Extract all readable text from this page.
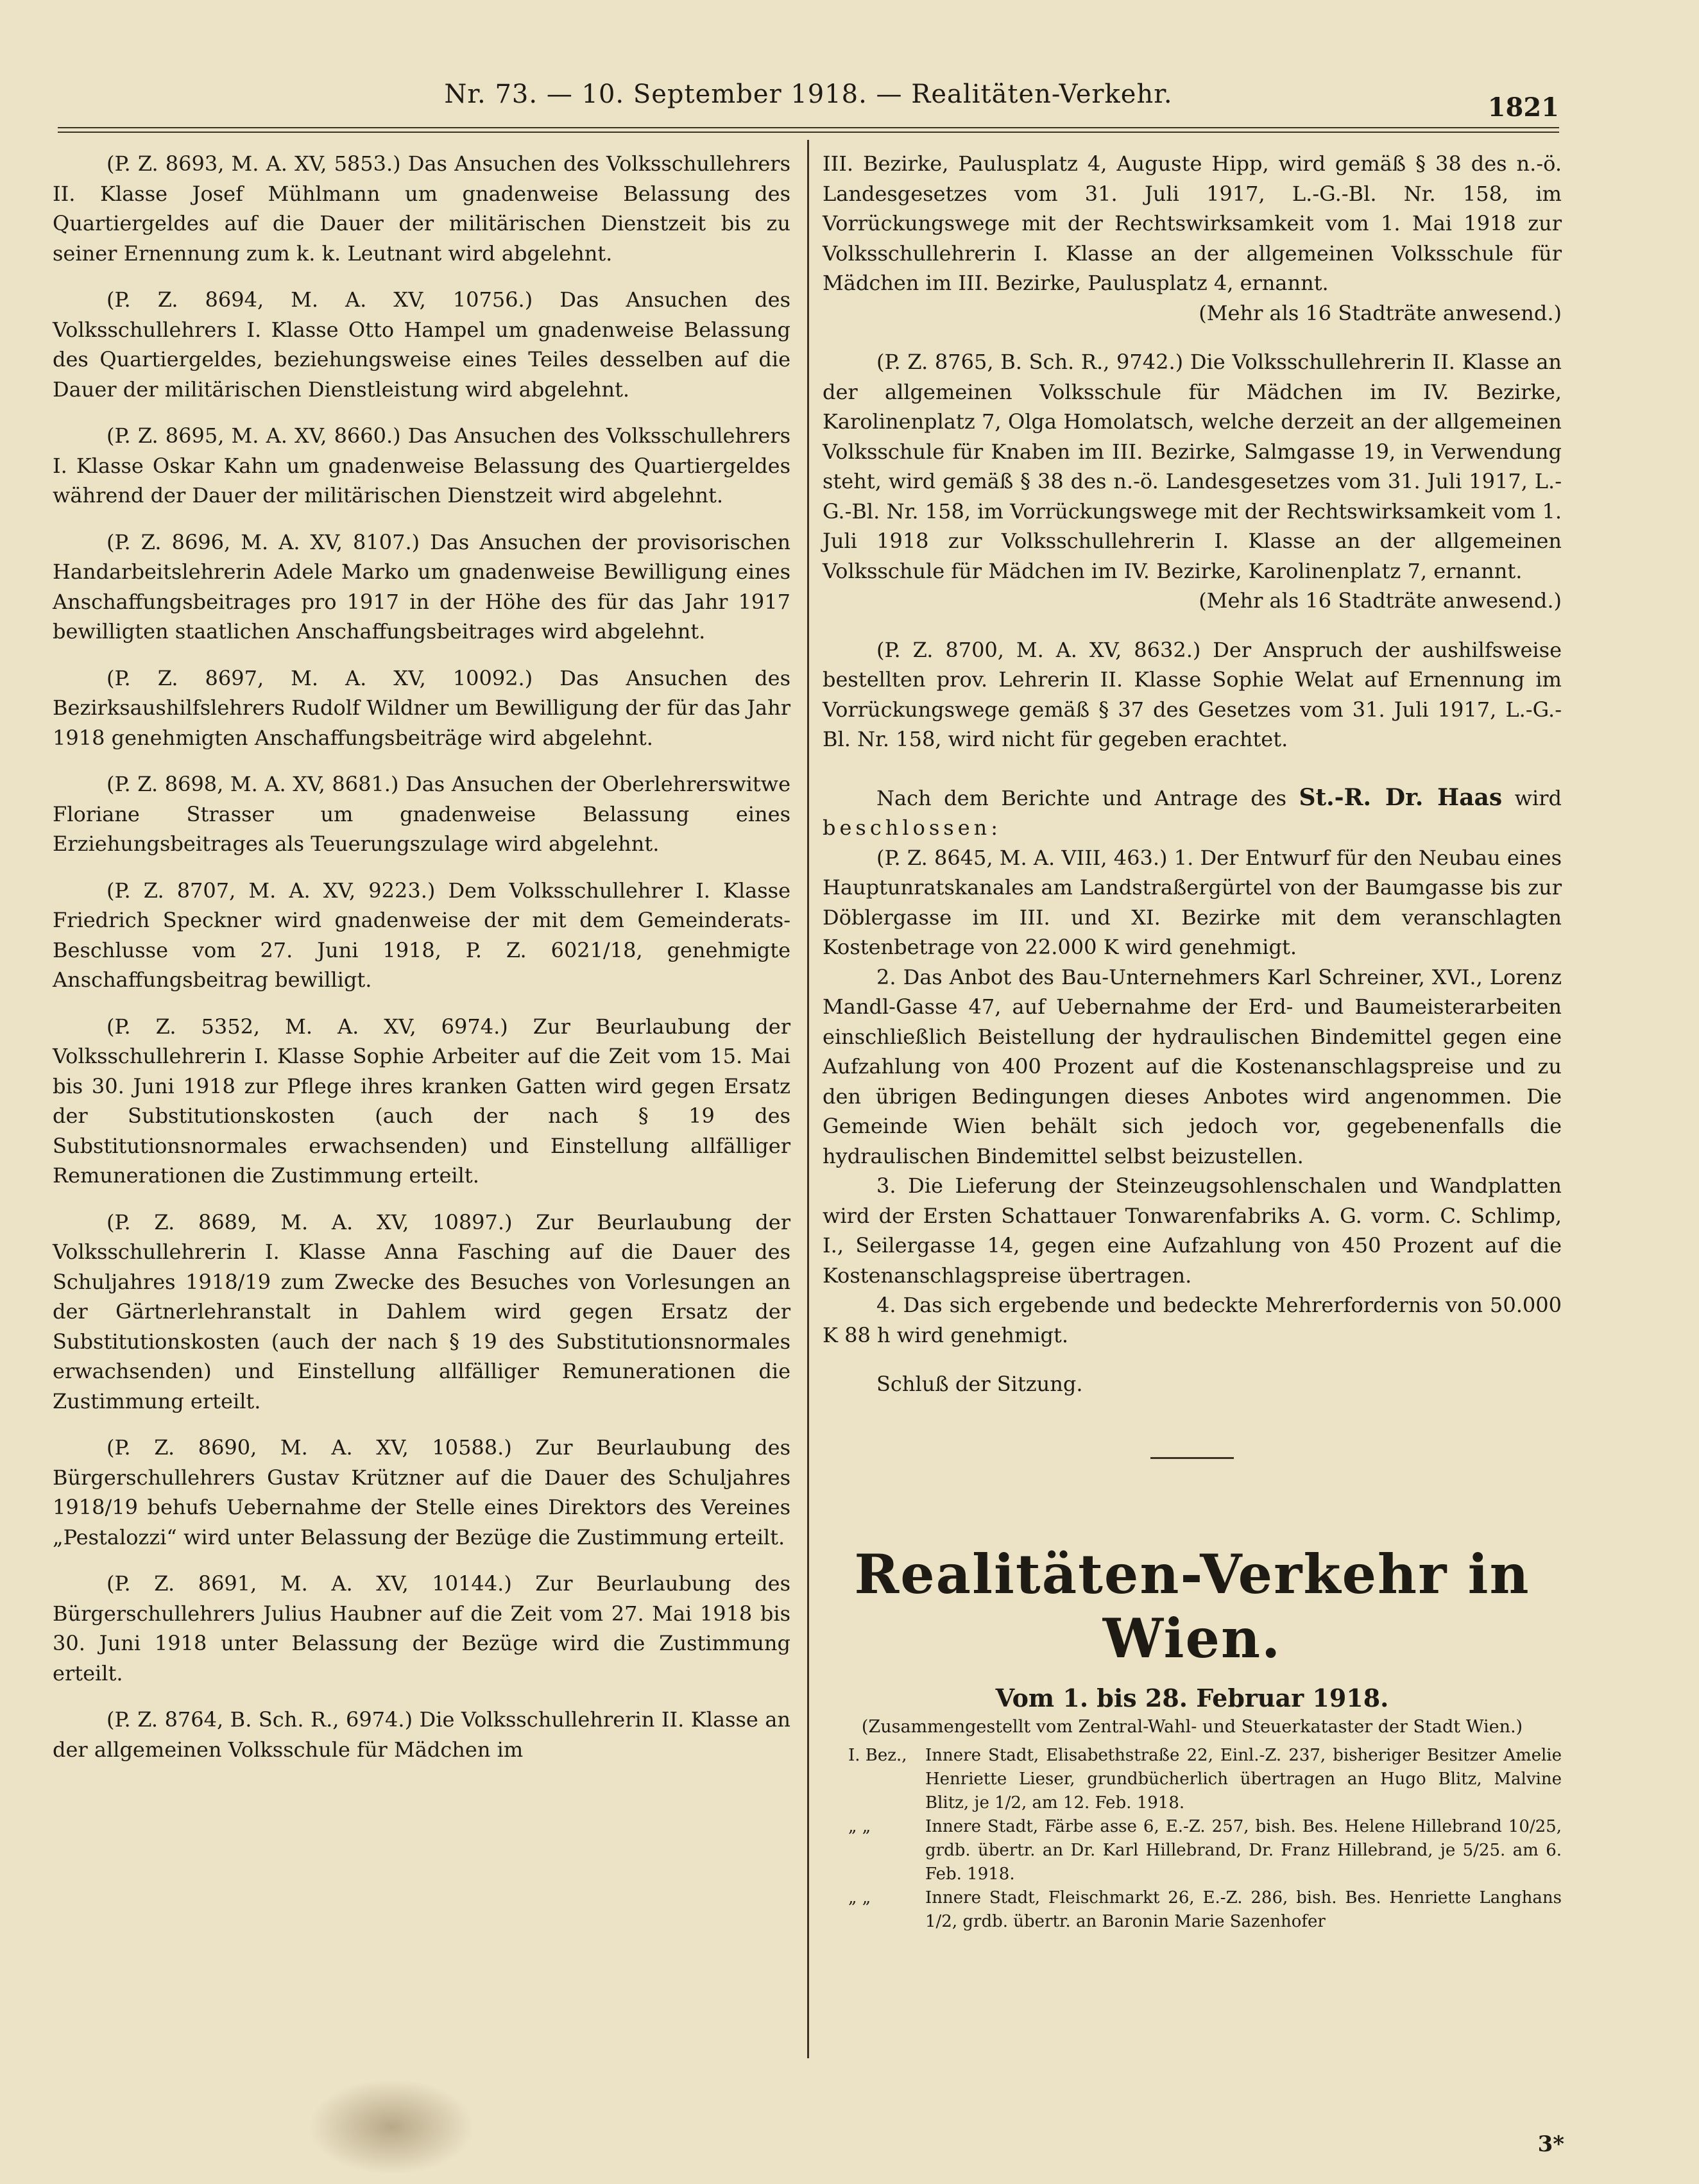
Nr. 73. — 10. September 1918. — Realitäten-Verkehr.	1821

(P. Z. 8693, M. A. XV, 5853.) Das Ansuchen des Volksschullehrers II. Klasse Josef Mühlmann um gnadenweise Belassung des Quartiergeldes auf die Dauer der militärischen Dienstzeit bis zu seiner Ernennung zum k. k. Leutnant wird abgelehnt.

(P. Z. 8694, M. A. XV, 10756.) Das Ansuchen des Volksschullehrers I. Klasse Otto Hampel um gnadenweise Belassung des Quartiergeldes, beziehungsweise eines Teiles desselben auf die Dauer der militärischen Dienstleistung wird abgelehnt.

(P. Z. 8695, M. A. XV, 8660.) Das Ansuchen des Volksschullehrers I. Klasse Oskar Kahn um gnadenweise Belassung des Quartiergeldes während der Dauer der militärischen Dienstzeit wird abgelehnt.

(P. Z. 8696, M. A. XV, 8107.) Das Ansuchen der provisorischen Handarbeitslehrerin Adele Marko um gnadenweise Bewilligung eines Anschaffungsbeitrages pro 1917 in der Höhe des für das Jahr 1917 bewilligten staatlichen Anschaffungsbeitrages wird abgelehnt.

(P. Z. 8697, M. A. XV, 10092.) Das Ansuchen des Bezirksaushilfslehrers Rudolf Wildner um Bewilligung der für das Jahr 1918 genehmigten Anschaffungsbeiträge wird abgelehnt.

(P. Z. 8698, M. A. XV, 8681.) Das Ansuchen der Oberlehrerswitwe Floriane Strasser um gnadenweise Belassung eines Erziehungsbeitrages als Teuerungszulage wird abgelehnt.

(P. Z. 8707, M. A. XV, 9223.) Dem Volksschullehrer I. Klasse Friedrich Speckner wird gnadenweise der mit dem Gemeinderats-Beschlusse vom 27. Juni 1918, P. Z. 6021/18, genehmigte Anschaffungsbeitrag bewilligt.

(P. Z. 5352, M. A. XV, 6974.) Zur Beurlaubung der Volksschullehrerin I. Klasse Sophie Arbeiter auf die Zeit vom 15. Mai bis 30. Juni 1918 zur Pflege ihres kranken Gatten wird gegen Ersatz der Substitutionskosten (auch der nach § 19 des Substitutionsnormales erwachsenden) und Einstellung allfälliger Remunerationen die Zustimmung erteilt.

(P. Z. 8689, M. A. XV, 10897.) Zur Beurlaubung der Volksschullehrerin I. Klasse Anna Fasching auf die Dauer des Schuljahres 1918/19 zum Zwecke des Besuches von Vorlesungen an der Gärtnerlehranstalt in Dahlem wird gegen Ersatz der Substitutionskosten (auch der nach § 19 des Substitutionsnormales erwachsenden) und Einstellung allfälliger Remunerationen die Zustimmung erteilt.

(P. Z. 8690, M. A. XV, 10588.) Zur Beurlaubung des Bürgerschullehrers Gustav Krützner auf die Dauer des Schuljahres 1918/19 behufs Uebernahme der Stelle eines Direktors des Vereines „Pestalozzi“ wird unter Belassung der Bezüge die Zustimmung erteilt.

(P. Z. 8691, M. A. XV, 10144.) Zur Beurlaubung des Bürgerschullehrers Julius Haubner auf die Zeit vom 27. Mai 1918 bis 30. Juni 1918 unter Belassung der Bezüge wird die Zustimmung erteilt.

(P. Z. 8764, B. Sch. R., 6974.) Die Volksschullehrerin II. Klasse an der allgemeinen Volksschule für Mädchen im

III. Bezirke, Paulusplatz 4, Auguste Hipp, wird gemäß § 38 des n.-ö. Landesgesetzes vom 31. Juli 1917, L.-G.-Bl. Nr. 158, im Vorrückungswege mit der Rechtswirksamkeit vom 1. Mai 1918 zur Volksschullehrerin I. Klasse an der allgemeinen Volksschule für Mädchen im III. Bezirke, Paulusplatz 4, ernannt.

(Mehr als 16 Stadträte anwesend.)

(P. Z. 8765, B. Sch. R., 9742.) Die Volksschullehrerin II. Klasse an der allgemeinen Volksschule für Mädchen im IV. Bezirke, Karolinenplatz 7, Olga Homolatsch, welche derzeit an der allgemeinen Volksschule für Knaben im III. Bezirke, Salmgasse 19, in Verwendung steht, wird gemäß § 38 des n.-ö. Landesgesetzes vom 31. Juli 1917, L.-G.-Bl. Nr. 158, im Vorrückungswege mit der Rechtswirksamkeit vom 1. Juli 1918 zur Volksschullehrerin I. Klasse an der allgemeinen Volksschule für Mädchen im IV. Bezirke, Karolinenplatz 7, ernannt.

(Mehr als 16 Stadträte anwesend.)

(P. Z. 8700, M. A. XV, 8632.) Der Anspruch der aushilfsweise bestellten prov. Lehrerin II. Klasse Sophie Welat auf Ernennung im Vorrückungswege gemäß § 37 des Gesetzes vom 31. Juli 1917, L.-G.-Bl. Nr. 158, wird nicht für gegeben erachtet.

Nach dem Berichte und Antrage des St.-R. Dr. Haas wird beschlossen:

(P. Z. 8645, M. A. VIII, 463.) 1. Der Entwurf für den Neubau eines Hauptunratskanales am Landstraßergürtel von der Baumgasse bis zur Döblergasse im III. und XI. Bezirke mit dem veranschlagten Kostenbetrage von 22.000 K wird genehmigt.

2. Das Anbot des Bau-Unternehmers Karl Schreiner, XVI., Lorenz Mandl-Gasse 47, auf Uebernahme der Erd- und Baumeisterarbeiten einschließlich Beistellung der hydraulischen Bindemittel gegen eine Aufzahlung von 400 Prozent auf die Kostenanschlagspreise und zu den übrigen Bedingungen dieses Anbotes wird angenommen. Die Gemeinde Wien behält sich jedoch vor, gegebenenfalls die hydraulischen Bindemittel selbst beizustellen.

3. Die Lieferung der Steinzeugsohlenschalen und Wandplatten wird der Ersten Schattauer Tonwarenfabriks A. G. vorm. C. Schlimp, I., Seilergasse 14, gegen eine Aufzahlung von 450 Prozent auf die Kostenanschlagspreise übertragen.

4. Das sich ergebende und bedeckte Mehrerfordernis von 50.000 K 88 h wird genehmigt.

Schluß der Sitzung.

Realitäten-Verkehr in Wien.

Vom 1. bis 28. Februar 1918.

(Zusammengestellt vom Zentral-Wahl- und Steuerkataster der Stadt Wien.)

I. Bez.,	Innere Stadt, Elisabethstraße 22, Einl.-Z. 237, bisheriger Besitzer Amelie Henriette Lieser, grundbücherlich übertragen an Hugo Blitz, Malvine Blitz, je 1/2, am 12. Feb. 1918.
„ „	Innere Stadt, Färbe asse 6, E.-Z. 257, bish. Bes. Helene Hillebrand 10/25, grdb. übertr. an Dr. Karl Hillebrand, Dr. Franz Hillebrand, je 5/25. am 6. Feb. 1918.
„ „	Innere Stadt, Fleischmarkt 26, E.-Z. 286, bish. Bes. Henriette Langhans 1/2, grdb. übertr. an Baronin Marie Sazenhofer
3*
